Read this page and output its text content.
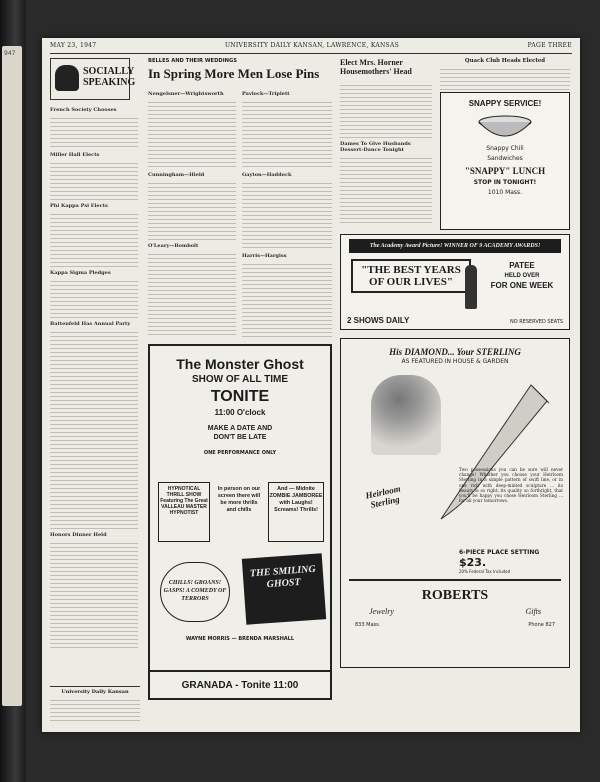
947
MAY 23, 1947	UNIVERSITY DAILY KANSAN, LAWRENCE, KANSAS	PAGE THREE
SOCIALLY
SPEAKING
French Society Chooses
Miller Hall Elects
Phi Kappa Psi Elects
Kappa Sigma Pledges
Battenfeld Has Annual Party
Honors Dinner Held
University Daily Kansan
BELLES AND THEIR WEDDINGS
In Spring More Men Lose Pins
Nengelsner—Wrightsworth
Cunningham—Hield
O'Leary—Bombolt
Pavlock—Triplett
Gayton—Haddock
Harris—Hargiss
Elect Mrs. Horner Housemothers' Head
Dames To Give Husbands Dessert-Dance Tonight
Quack Club Heads Elected
SNAPPY SERVICE!
Snappy Chili
Sandwiches
"SNAPPY" LUNCH
STOP IN TONIGHT!
1010 Mass.
The Academy Award Picture! WINNER OF 9 ACADEMY AWARDS!
"THE BEST YEARS OF OUR LIVES"
PATEE
HELD OVER
FOR ONE WEEK
2 SHOWS DAILY	NO RESERVED SEATS
His DIAMOND... Your STERLING
AS FEATURED IN HOUSE & GARDEN
Heirloom Sterling
Two possessions you can be sure will never change! Whether you choose your Heirloom Sterling in a simple pattern of swift line, or in one rich with deep-minted sculpture ... its beauty is so right, its quality so forthright, that you'll be happy you chose Heirloom Sterling ... for all your tomorrows.
6-PIECE PLACE SETTING $23.
20% Federal Tax Included
ROBERTS
Jewelry	Gifts
833 Mass.	Phone 827
The Monster Ghost
SHOW OF ALL TIME
TONITE
11:00 O'clock
MAKE A DATE AND
DON'T BE LATE
ONE PERFORMANCE ONLY
HYPNOTICAL THRILL SHOW Featuring The Great VALLEAU MASTER HYPNOTIST
In person on our screen there will be more thrills and chills
And — Midnite ZOMBIE JAMBOREE with Laughs! Screams! Thrills!
CHILLS! GROANS! GASPS! A COMEDY OF TERRORS
THE SMILING GHOST
WAYNE MORRIS — BRENDA MARSHALL
GRANADA - Tonite 11:00
